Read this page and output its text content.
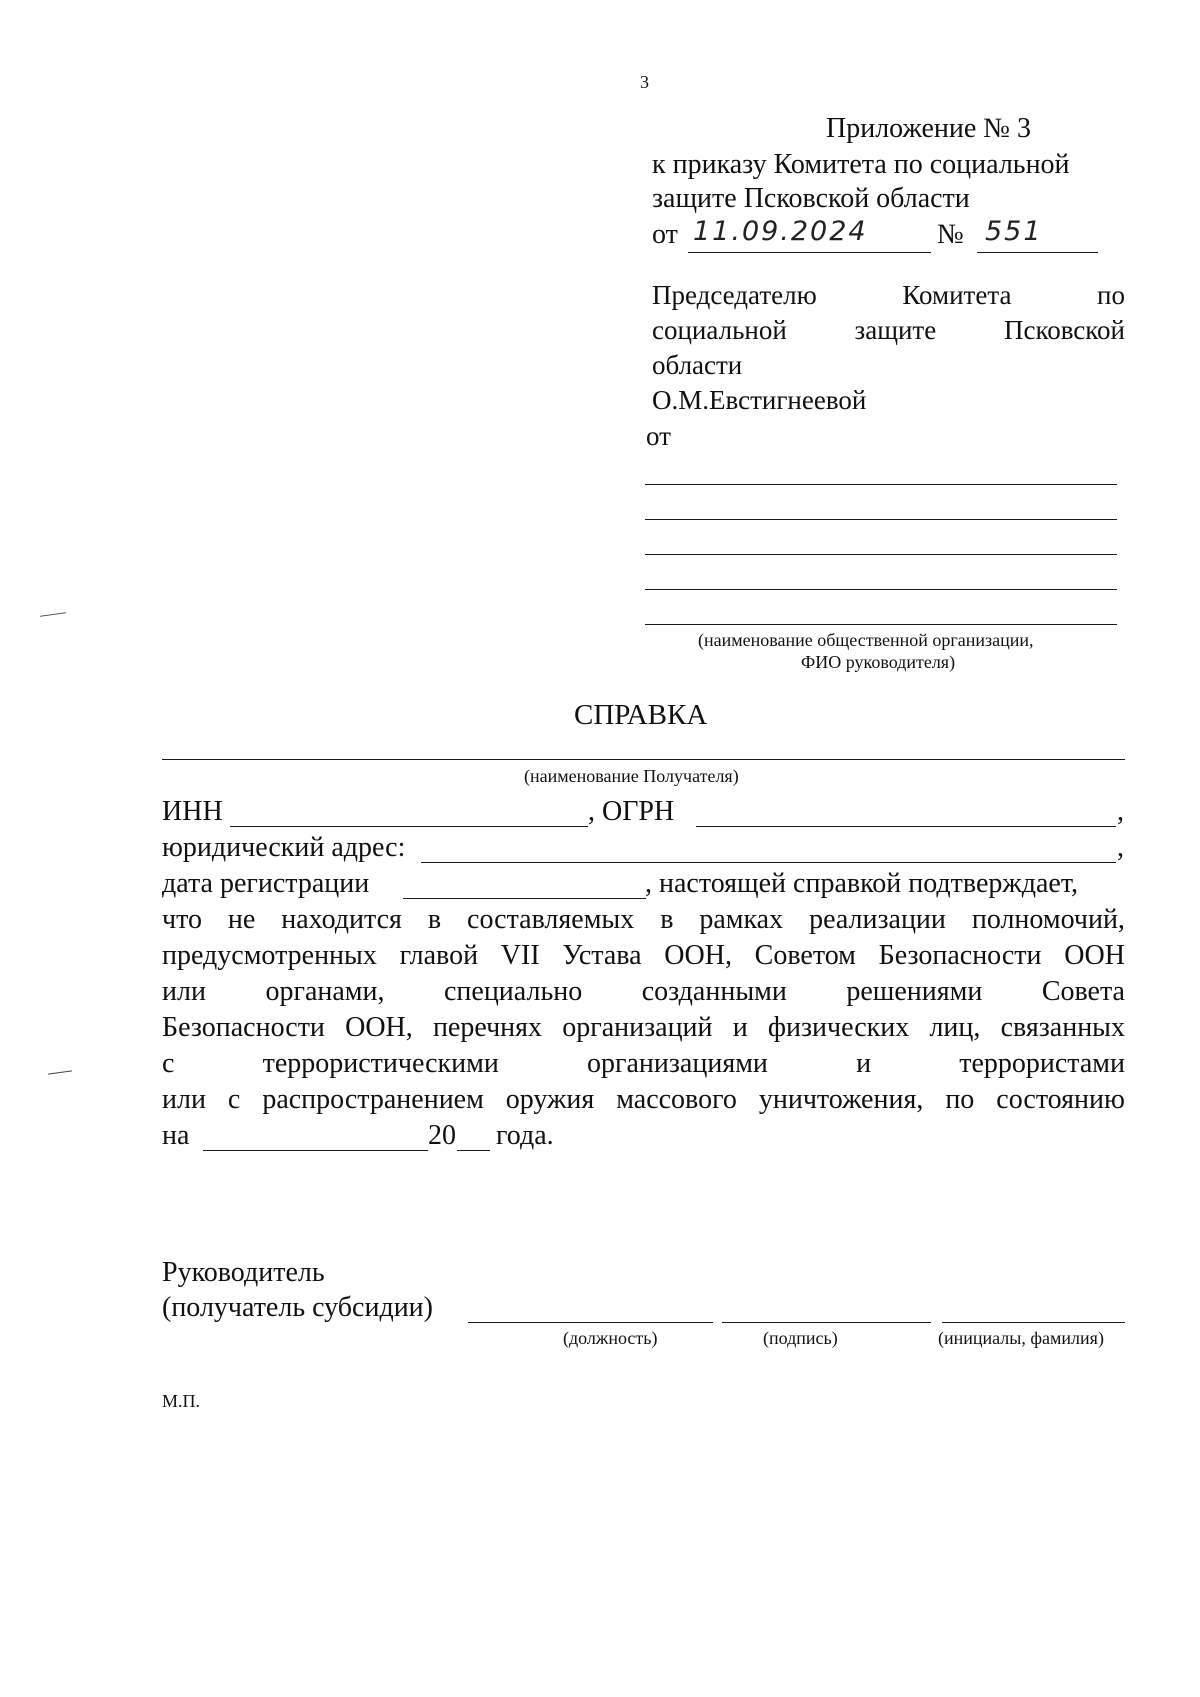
3
Приложение № 3
к приказу Комитета по социальной
защите Псковской области
от 11.09.2024 № 551
Председателю	Комитета	по
социальной	защите	Псковской
области
О.М.Евстигнеевой
от
(наименование общественной организации,
ФИО руководителя)
СПРАВКА
(наименование Получателя)
ИНН	, ОГРН	,
юридический адрес:	,
дата регистрации	, настоящей справкой подтверждает,
что не находится в составляемых в рамках реализации полномочий,
предусмотренных главой VII Устава ООН, Советом Безопасности ООН
или органами, специально созданными решениями Совета
Безопасности ООН, перечнях организаций и физических лиц, связанных
с	террористическими	организациями	и	террористами
или с распространением оружия массового уничтожения, по состоянию
на	20 года.
Руководитель
(получатель субсидии)
(должность)	(подпись)	(инициалы, фамилия)
М.П.
